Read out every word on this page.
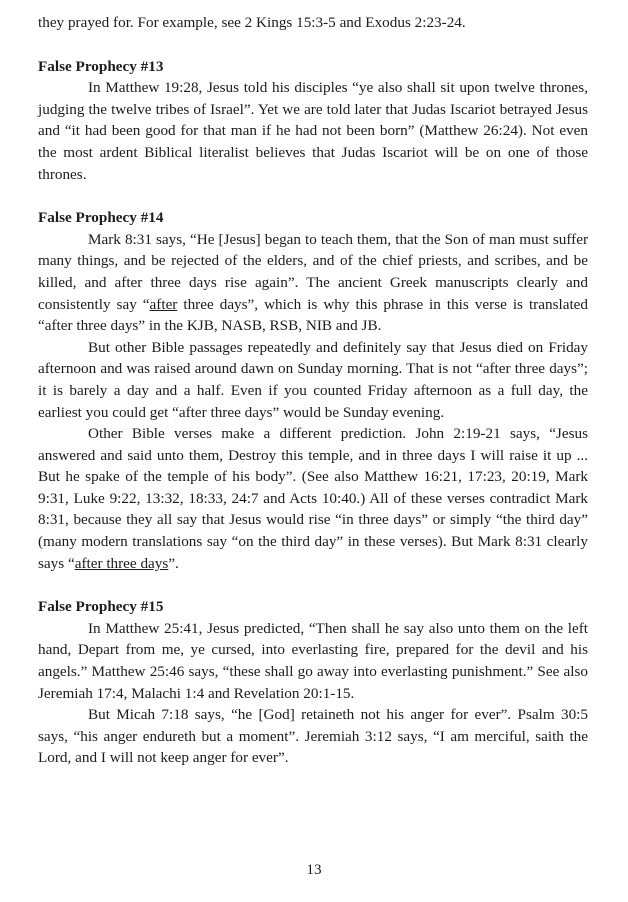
they prayed for. For example, see 2 Kings 15:3-5 and Exodus 2:23-24.

False Prophecy #13

In Matthew 19:28, Jesus told his disciples “ye also shall sit upon twelve thrones, judging the twelve tribes of Israel”. Yet we are told later that Judas Iscariot betrayed Jesus and “it had been good for that man if he had not been born” (Matthew 26:24). Not even the most ardent Biblical literalist believes that Judas Iscariot will be on one of those thrones.

False Prophecy #14

Mark 8:31 says, “He [Jesus] began to teach them, that the Son of man must suffer many things, and be rejected of the elders, and of the chief priests, and scribes, and be killed, and after three days rise again”. The ancient Greek manuscripts clearly and consistently say “after three days”, which is why this phrase in this verse is translated “after three days” in the KJB, NASB, RSB, NIB and JB.

But other Bible passages repeatedly and definitely say that Jesus died on Friday afternoon and was raised around dawn on Sunday morning. That is not “after three days”; it is barely a day and a half. Even if you counted Friday afternoon as a full day, the earliest you could get “after three days” would be Sunday evening.

Other Bible verses make a different prediction. John 2:19-21 says, “Jesus answered and said unto them, Destroy this temple, and in three days I will raise it up ... But he spake of the temple of his body”. (See also Matthew 16:21, 17:23, 20:19, Mark 9:31, Luke 9:22, 13:32, 18:33, 24:7 and Acts 10:40.) All of these verses contradict Mark 8:31, because they all say that Jesus would rise “in three days” or simply “the third day” (many modern translations say “on the third day” in these verses). But Mark 8:31 clearly says “after three days”.

False Prophecy #15

In Matthew 25:41, Jesus predicted, “Then shall he say also unto them on the left hand, Depart from me, ye cursed, into everlasting fire, prepared for the devil and his angels.” Matthew 25:46 says, “these shall go away into everlasting punishment.” See also Jeremiah 17:4, Malachi 1:4 and Revelation 20:1-15.

But Micah 7:18 says, “he [God] retaineth not his anger for ever”. Psalm 30:5 says, “his anger endureth but a moment”. Jeremiah 3:12 says, “I am merciful, saith the Lord, and I will not keep anger for ever”.

13
